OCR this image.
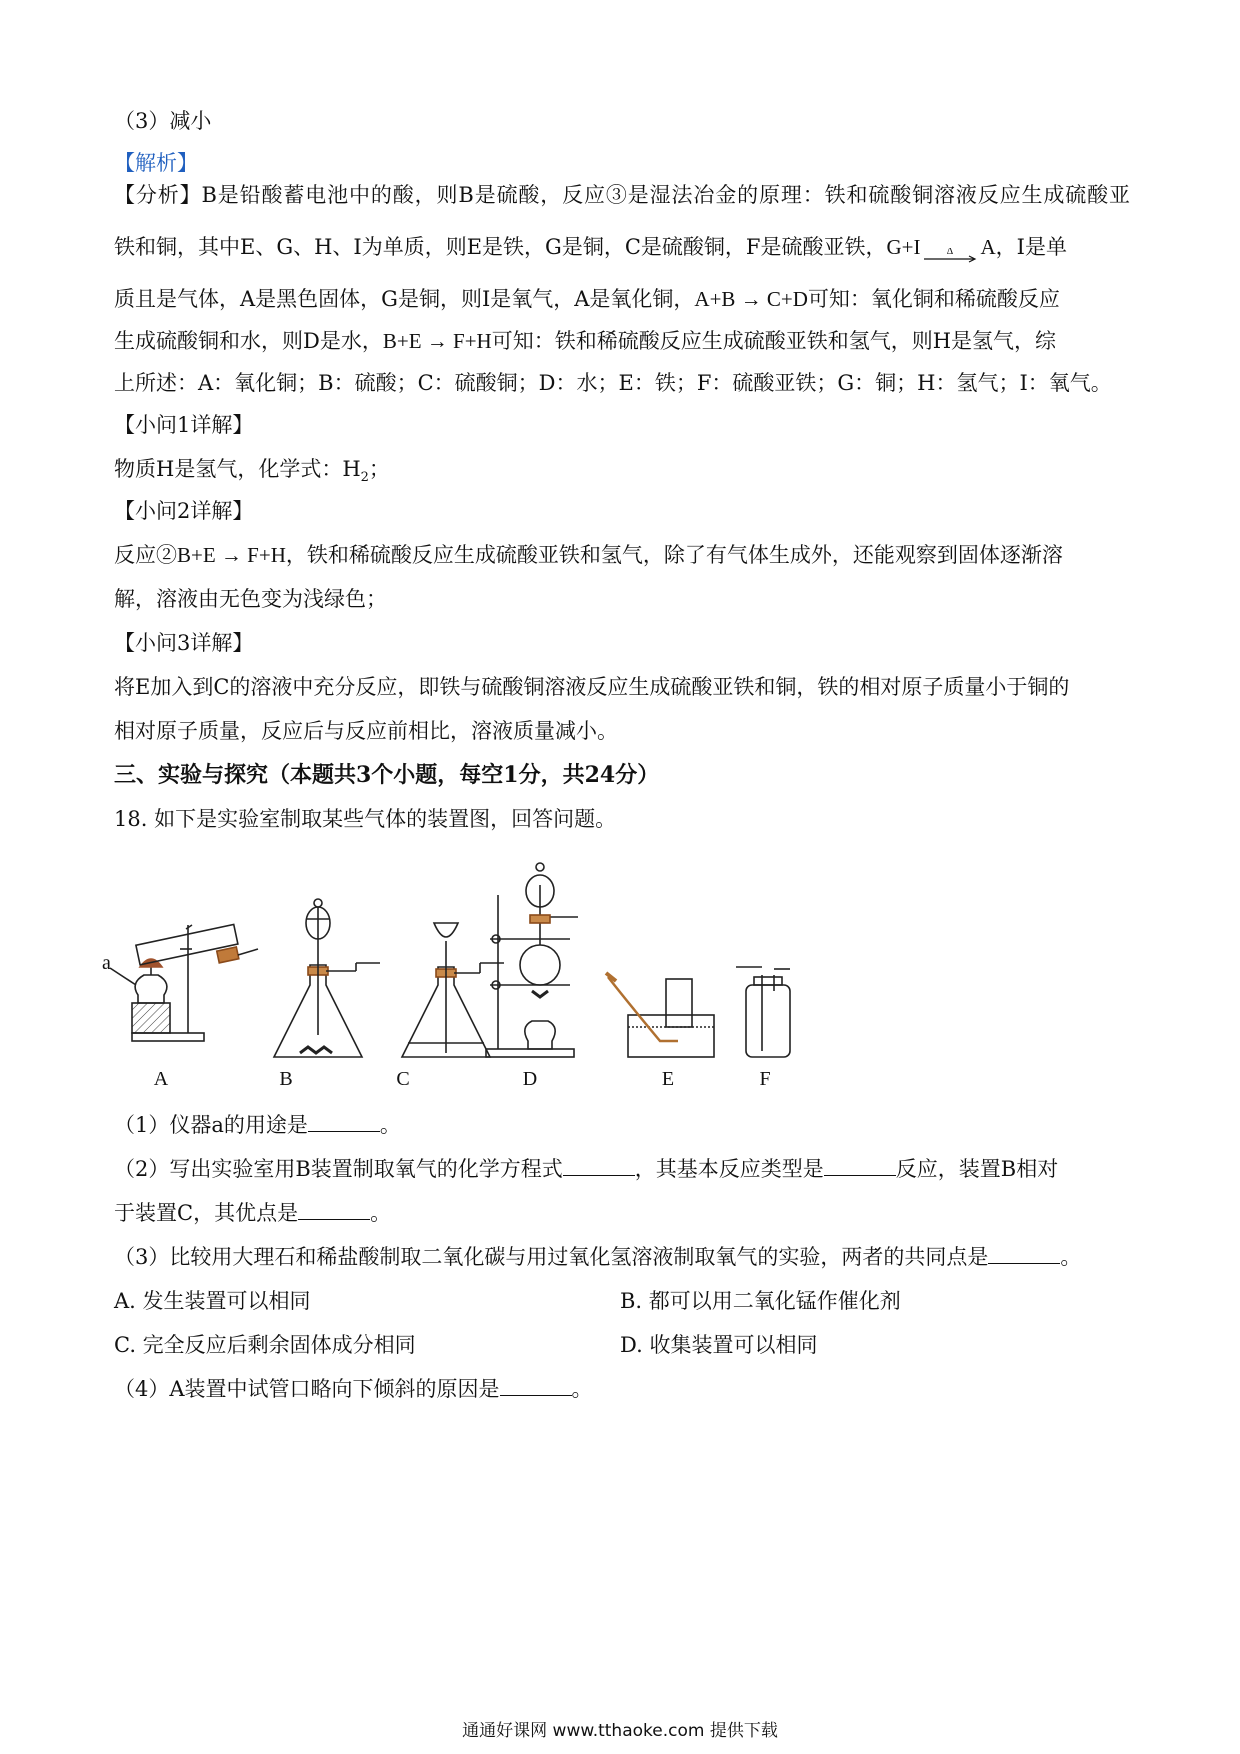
（3）减小
【解析】
【分析】B是铅酸蓄电池中的酸，则B是硫酸，反应③是湿法冶金的原理：铁和硫酸铜溶液反应生成硫酸亚
铁和铜，其中E、G、H、I为单质，则E是铁，G是铜，C是硫酸铜，F是硫酸亚铁，G+I	Δ A，I是单
质且是气体，A是黑色固体，G是铜，则I是氧气，A是氧化铜，A+B → C+D可知：氧化铜和稀硫酸反应
生成硫酸铜和水，则D是水，B+E → F+H可知：铁和稀硫酸反应生成硫酸亚铁和氢气，则H是氢气，综
上所述：A：氧化铜；B：硫酸；C：硫酸铜；D：水；E：铁；F：硫酸亚铁；G：铜；H：氢气；I：氧气。
【小问1详解】
物质H是氢气，化学式：$H_2$；
【小问2详解】
反应②B+E → F+H，铁和稀硫酸反应生成硫酸亚铁和氢气，除了有气体生成外，还能观察到固体逐渐溶
解，溶液由无色变为浅绿色；
【小问3详解】
将E加入到C的溶液中充分反应，即铁与硫酸铜溶液反应生成硫酸亚铁和铜，铁的相对原子质量小于铜的
相对原子质量，反应后与反应前相比，溶液质量减小。
三、实验与探究（本题共3个小题，每空1分，共24分）
18. 如下是实验室制取某些气体的装置图，回答问题。
a
A	B	C	D	E	F
（1）仪器a的用途是	。
（2）写出实验室用B装置制取氧气的化学方程式	，其基本反应类型是	反应，装置B相对
于装置C，其优点是	。
（3）比较用大理石和稀盐酸制取二氧化碳与用过氧化氢溶液制取氧气的实验，两者的共同点是	。
A. 发生装置可以相同	B. 都可以用二氧化锰作催化剂
C. 完全反应后剩余固体成分相同	D. 收集装置可以相同
（4）A装置中试管口略向下倾斜的原因是	。
通通好课网 www.tthaoke.com 提供下载
